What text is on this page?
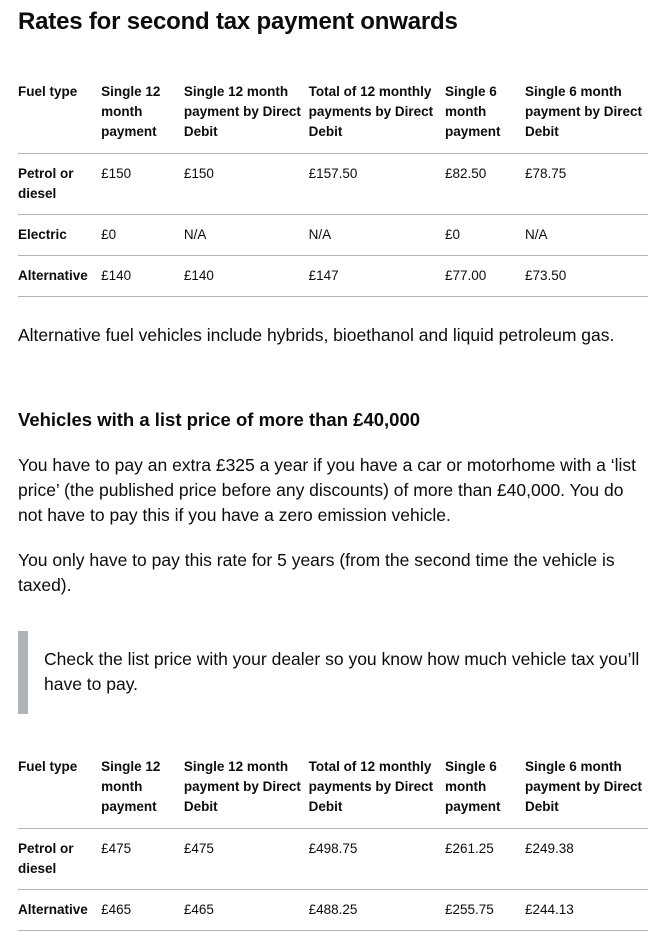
Rates for second tax payment onwards
Fuel type	Single 12 month payment	Single 12 month payment by Direct Debit	Total of 12 monthly payments by Direct Debit	Single 6 month payment	Single 6 month payment by Direct Debit
Petrol or diesel	£150	£150	£157.50	£82.50	£78.75
Electric	£0	N/A	N/A	£0	N/A
Alternative	£140	£140	£147	£77.00	£73.50

Alternative fuel vehicles include hybrids, bioethanol and liquid petroleum gas.

Vehicles with a list price of more than £40,000

You have to pay an extra £325 a year if you have a car or motorhome with a ‘list price’ (the published price before any discounts) of more than £40,000. You do not have to pay this if you have a zero emission vehicle.

You only have to pay this rate for 5 years (from the second time the vehicle is taxed).

Check the list price with your dealer so you know how much vehicle tax you’ll have to pay.
Fuel type	Single 12 month payment	Single 12 month payment by Direct Debit	Total of 12 monthly payments by Direct Debit	Single 6 month payment	Single 6 month payment by Direct Debit
Petrol or diesel	£475	£475	£498.75	£261.25	£249.38
Alternative	£465	£465	£488.25	£255.75	£244.13
